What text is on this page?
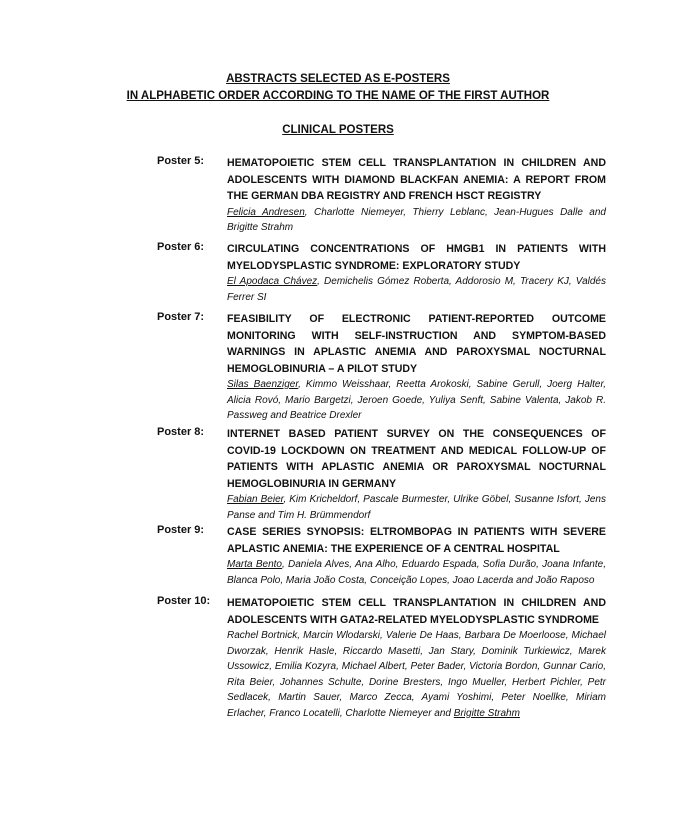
ABSTRACTS SELECTED AS E-POSTERS
IN ALPHABETIC ORDER ACCORDING TO THE NAME OF THE FIRST AUTHOR
CLINICAL POSTERS
Poster 5: HEMATOPOIETIC STEM CELL TRANSPLANTATION IN CHILDREN AND ADOLESCENTS WITH DIAMOND BLACKFAN ANEMIA: A REPORT FROM THE GERMAN DBA REGISTRY AND FRENCH HSCT REGISTRY
Felicia Andresen, Charlotte Niemeyer, Thierry Leblanc, Jean-Hugues Dalle and Brigitte Strahm
Poster 6: CIRCULATING CONCENTRATIONS OF HMGB1 IN PATIENTS WITH MYELODYSPLASTIC SYNDROME: EXPLORATORY STUDY
El Apodaca Chávez, Demichelis Gómez Roberta, Addorosio M, Tracery KJ, Valdés Ferrer SI
Poster 7: FEASIBILITY OF ELECTRONIC PATIENT-REPORTED OUTCOME MONITORING WITH SELF-INSTRUCTION AND SYMPTOM-BASED WARNINGS IN APLASTIC ANEMIA AND PAROXYSMAL NOCTURNAL HEMOGLOBINURIA – A PILOT STUDY
Silas Baenziger, Kimmo Weisshaar, Reetta Arokoski, Sabine Gerull, Joerg Halter, Alicia Rovó, Mario Bargetzi, Jeroen Goede, Yuliya Senft, Sabine Valenta, Jakob R. Passweg and Beatrice Drexler
Poster 8: INTERNET BASED PATIENT SURVEY ON THE CONSEQUENCES OF COVID-19 LOCKDOWN ON TREATMENT AND MEDICAL FOLLOW-UP OF PATIENTS WITH APLASTIC ANEMIA OR PAROXYSMAL NOCTURNAL HEMOGLOBINURIA IN GERMANY
Fabian Beier, Kim Kricheldorf, Pascale Burmester, Ulrike Göbel, Susanne Isfort, Jens Panse and Tim H. Brümmendorf
Poster 9: CASE SERIES SYNOPSIS: ELTROMBOPAG IN PATIENTS WITH SEVERE APLASTIC ANEMIA: THE EXPERIENCE OF A CENTRAL HOSPITAL
Marta Bento, Daniela Alves, Ana Alho, Eduardo Espada, Sofia Durão, Joana Infante, Blanca Polo, Maria João Costa, Conceição Lopes, Joao Lacerda and João Raposo
Poster 10: HEMATOPOIETIC STEM CELL TRANSPLANTATION IN CHILDREN AND ADOLESCENTS WITH GATA2-RELATED MYELODYSPLASTIC SYNDROME
Rachel Bortnick, Marcin Wlodarski, Valerie De Haas, Barbara De Moerloose, Michael Dworzak, Henrik Hasle, Riccardo Masetti, Jan Stary, Dominik Turkiewicz, Marek Ussowicz, Emilia Kozyra, Michael Albert, Peter Bader, Victoria Bordon, Gunnar Cario, Rita Beier, Johannes Schulte, Dorine Bresters, Ingo Mueller, Herbert Pichler, Petr Sedlacek, Martin Sauer, Marco Zecca, Ayami Yoshimi, Peter Noellke, Miriam Erlacher, Franco Locatelli, Charlotte Niemeyer and Brigitte Strahm
